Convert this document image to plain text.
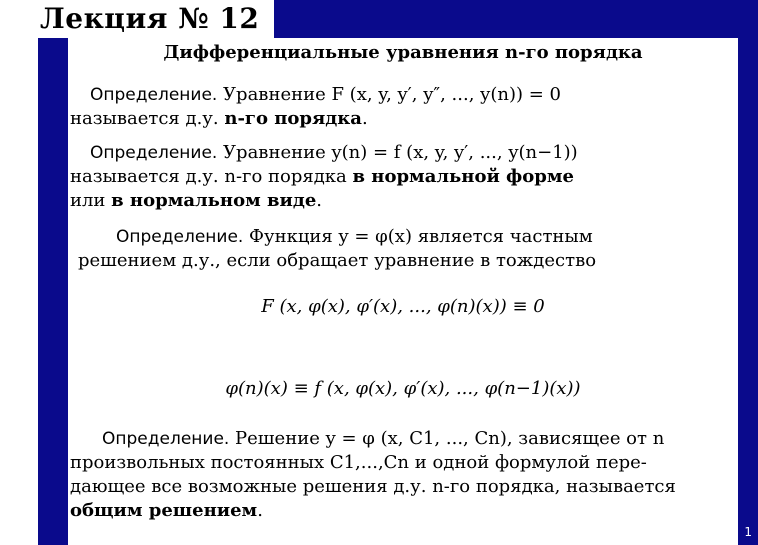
Лекция № 12
Дифференциальные уравнения n-го порядка
Определение. Уравнение F (x, y, y′, y″, ..., y(n)) = 0
называется д.у. n-го порядка.
Определение. Уравнение y(n) = f (x, y, y′, ..., y(n−1))
называется д.у. n-го порядка в нормальной форме
или в нормальном виде.
Определение. Функция y = φ(x) является частным
решением д.у., если обращает уравнение в тождество
F (x, φ(x), φ′(x), ..., φ(n)(x)) ≡ 0
φ(n)(x) ≡ f (x, φ(x), φ′(x), ..., φ(n−1)(x))
Определение. Решение y = φ (x, C1, ..., Cn), зависящее от n
произвольных постоянных C1,...,Cn и одной формулой пере-
дающее все возможные решения д.у. n-го порядка, называется
общим решением.
1
